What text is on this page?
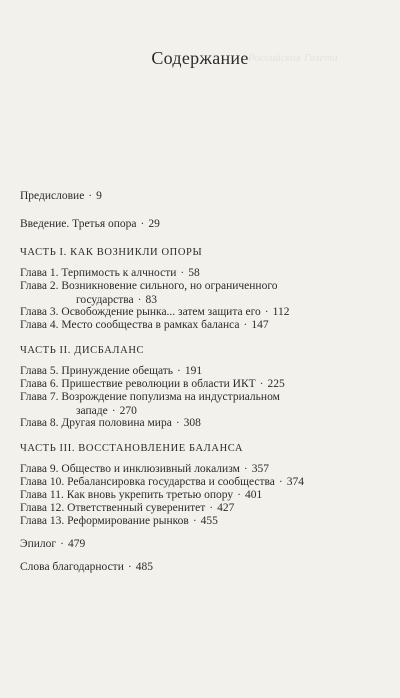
Содержание Российская Газета
Предисловие · 9
Введение. Третья опора · 29
ЧАСТЬ I. КАК ВОЗНИКЛИ ОПОРЫ
Глава 1. Терпимость к алчности · 58
Глава 2. Возникновение сильного, но ограниченного
государства · 83
Глава 3. Освобождение рынка... затем защита его · 112
Глава 4. Место сообщества в рамках баланса · 147
ЧАСТЬ II. ДИСБАЛАНС
Глава 5. Принуждение обещать · 191
Глава 6. Пришествие революции в области ИКТ · 225
Глава 7. Возрождение популизма на индустриальном
западе · 270
Глава 8. Другая половина мира · 308
ЧАСТЬ III. ВОССТАНОВЛЕНИЕ БАЛАНСА
Глава 9. Общество и инклюзивный локализм · 357
Глава 10. Ребалансировка государства и сообщества · 374
Глава 11. Как вновь укрепить третью опору · 401
Глава 12. Ответственный суверенитет · 427
Глава 13. Реформирование рынков · 455
Эпилог · 479
Слова благодарности · 485
